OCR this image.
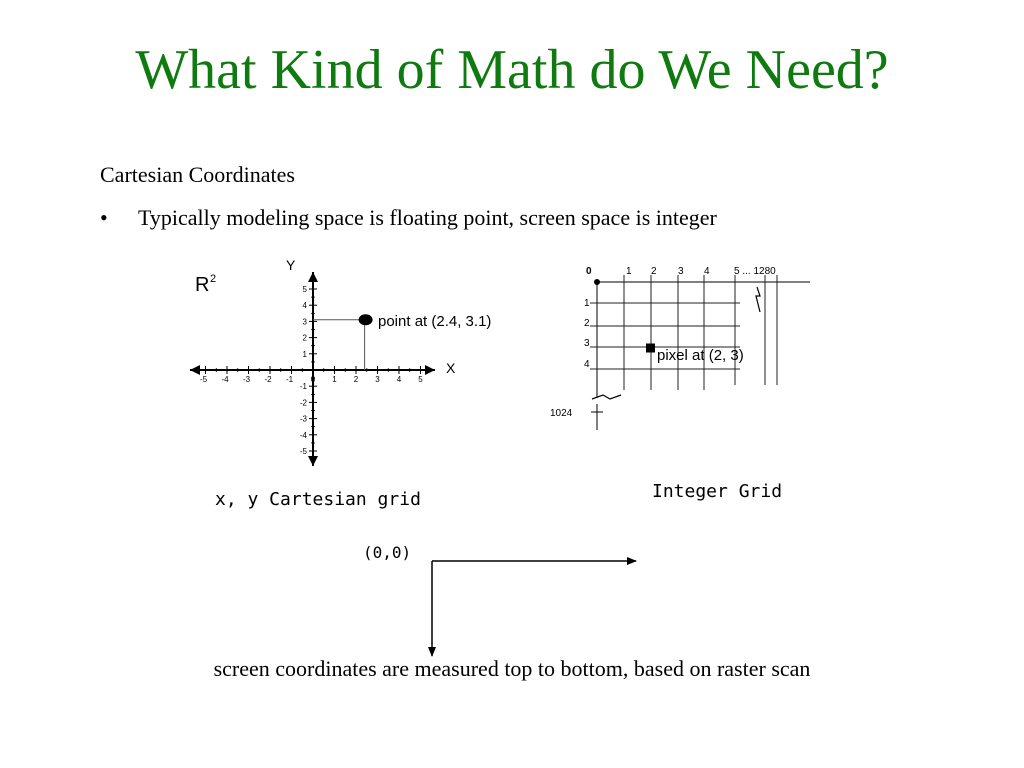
What Kind of Math do We Need?
Cartesian Coordinates
• Typically modeling space is floating point, screen space is integer
R 2
Y
X
-5 -4 -3 -2 -1 0 1 2 3 4 5
5
4
3
2
1
-1
-2
-3
-4
-5
point at (2.4, 3.1)
0	1 2 3 4 5 ... 1280
1
2
3
4
1024
pixel at (2, 3)
x, y Cartesian grid	Integer Grid
(0,0)
screen coordinates are measured top to bottom, based on raster scan
